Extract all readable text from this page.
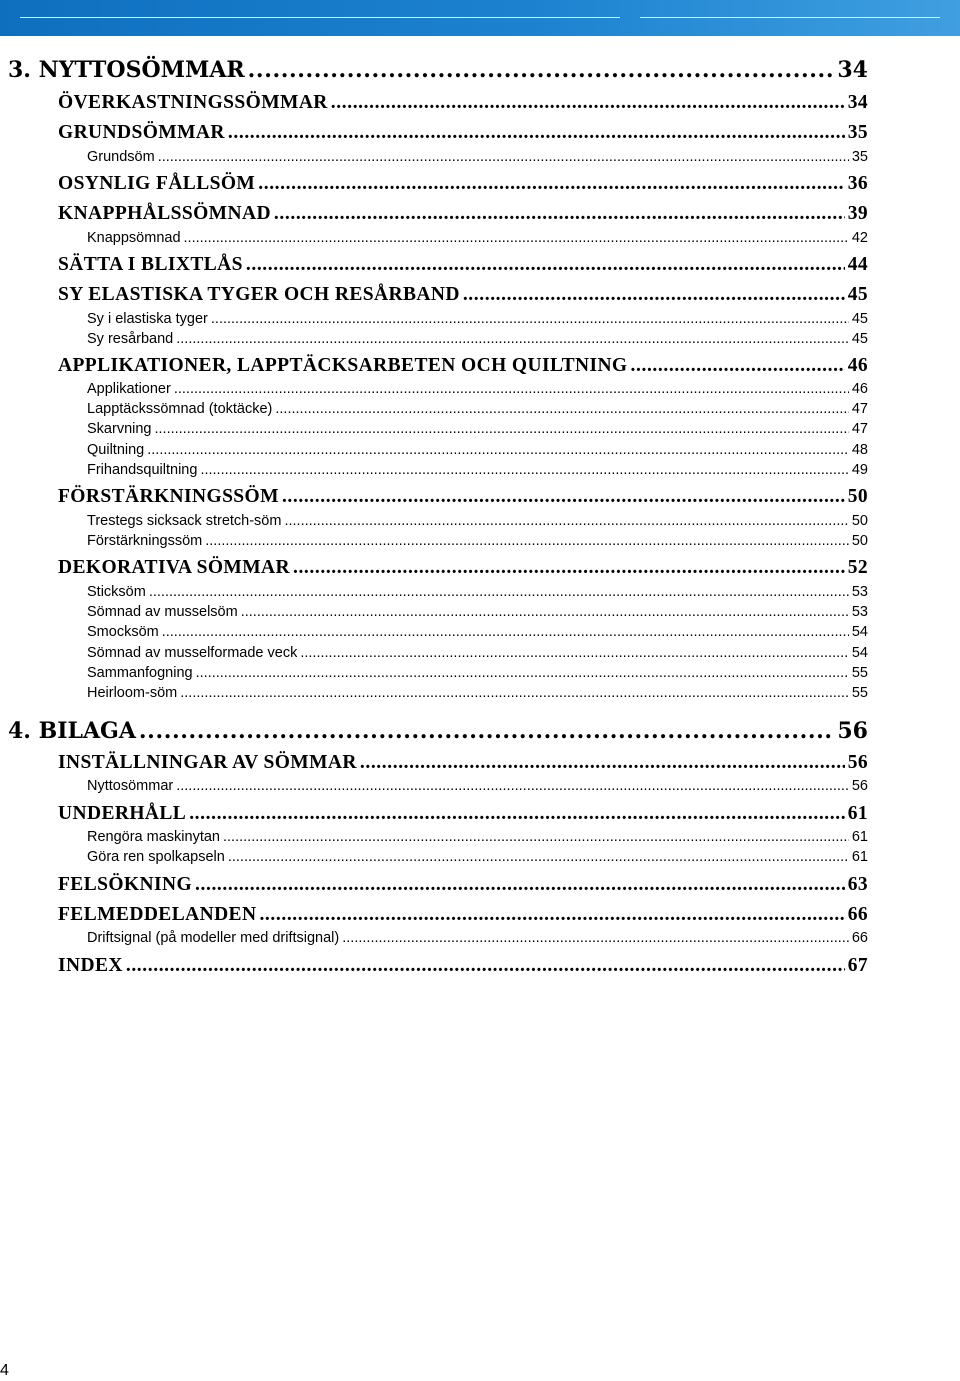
3. NYTTOSÖMMAR .....	34
ÖVERKASTNINGSSÖMMAR .....	34
GRUNDSÖMMAR .....	35
Grundsöm .....	35
OSYNLIG FÅLLSÖM .....	36
KNAPPHÅLSSÖMNAD .....	39
Knappsömnad .....	42
SÄTTA I BLIXTLÅS .....	44
SY ELASTISKA TYGER OCH RESÅRBAND .....	45
Sy i elastiska tyger .....	45
Sy resårband .....	45
APPLIKATIONER, LAPPTÄCKSARBETEN OCH QUILTNING .....	46
Applikationer .....	46
Lapptäckssömnad (toktäcke) .....	47
Skarvning .....	47
Quiltning .....	48
Frihandsquiltning .....	49
FÖRSTÄRKNINGSSÖM .....	50
Trestegs sicksack stretch-söm .....	50
Förstärkningssöm .....	50
DEKORATIVA SÖMMAR .....	52
Sticksöm .....	53
Sömnad av musselsöm .....	53
Smocksöm .....	54
Sömnad av musselformade veck .....	54
Sammanfogning .....	55
Heirloom-söm .....	55
4. BILAGA .....	56
INSTÄLLNINGAR AV SÖMMAR .....	56
Nyttosömmar .....	56
UNDERHÅLL .....	61
Rengöra maskinytan .....	61
Göra ren spolkapseln .....	61
FELSÖKNING .....	63
FELMEDDELANDEN .....	66
Driftsignal (på modeller med driftsignal) .....	66
INDEX .....	67
4
